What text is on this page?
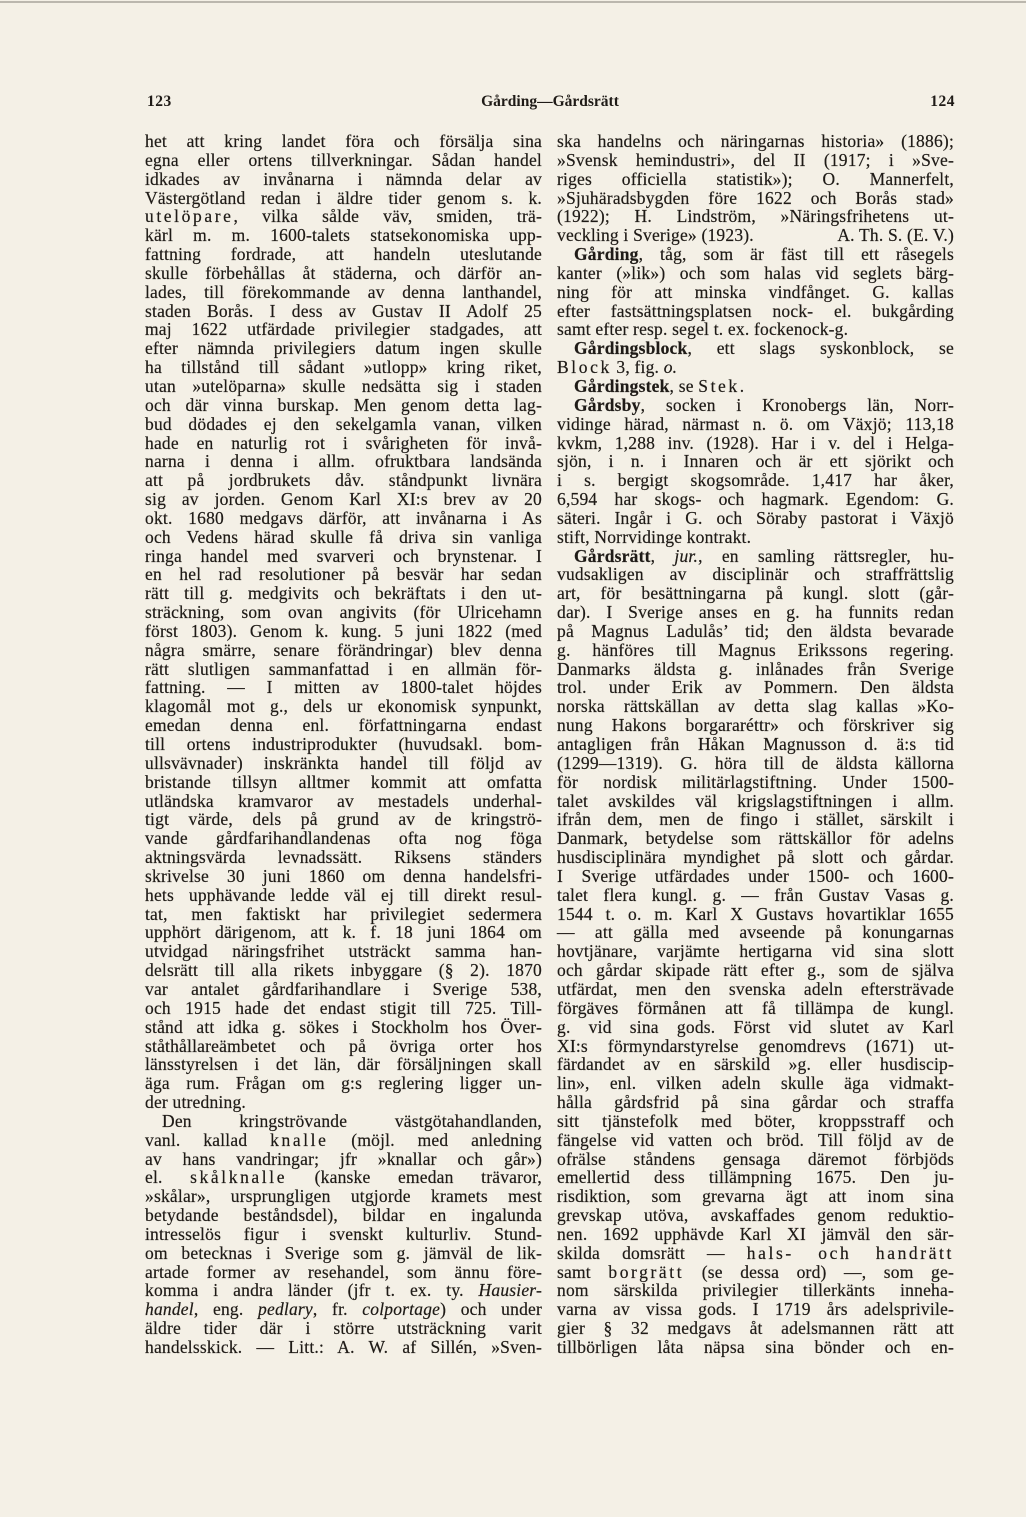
123	Gårding—Gårdsrätt	124
het att kring landet föra och försälja sina
egna eller ortens tillverkningar. Sådan handel
idkades av invånarna i nämnda delar av
Västergötland redan i äldre tider genom s. k.
utelöpare, vilka sålde väv, smiden, trä-
kärl m. m. 1600-talets statsekonomiska upp-
fattning fordrade, att handeln uteslutande
skulle förbehållas åt städerna, och därför an-
lades, till förekommande av denna lanthandel,
staden Borås. I dess av Gustav II Adolf 25
maj 1622 utfärdade privilegier stadgades, att
efter nämnda privilegiers datum ingen skulle
ha tillstånd till sådant »utlopp» kring riket,
utan »utelöparna» skulle nedsätta sig i staden
och där vinna burskap. Men genom detta lag-
bud dödades ej den sekelgamla vanan, vilken
hade en naturlig rot i svårigheten för invå-
narna i denna i allm. ofruktbara landsända
att på jordbrukets dåv. ståndpunkt livnära
sig av jorden. Genom Karl XI:s brev av 20
okt. 1680 medgavs därför, att invånarna i As
och Vedens härad skulle få driva sin vanliga
ringa handel med svarveri och brynstenar. I
en hel rad resolutioner på besvär har sedan
rätt till g. medgivits och bekräftats i den ut-
sträckning, som ovan angivits (för Ulricehamn
först 1803). Genom k. kung. 5 juni 1822 (med
några smärre, senare förändringar) blev denna
rätt slutligen sammanfattad i en allmän för-
fattning. — I mitten av 1800-talet höjdes
klagomål mot g., dels ur ekonomisk synpunkt,
emedan denna enl. författningarna endast
till ortens industriprodukter (huvudsakl. bom-
ullsvävnader) inskränkta handel till följd av
bristande tillsyn alltmer kommit att omfatta
utländska kramvaror av mestadels underhal-
tigt värde, dels på grund av de kringströ-
vande gårdfarihandlandenas ofta nog föga
aktningsvärda levnadssätt. Riksens ständers
skrivelse 30 juni 1860 om denna handelsfri-
hets upphävande ledde väl ej till direkt resul-
tat, men faktiskt har privilegiet sedermera
upphört därigenom, att k. f. 18 juni 1864 om
utvidgad näringsfrihet utsträckt samma han-
delsrätt till alla rikets inbyggare (§ 2). 1870
var antalet gårdfarihandlare i Sverige 538,
och 1915 hade det endast stigit till 725. Till-
stånd att idka g. sökes i Stockholm hos Över-
ståthållareämbetet och på övriga orter hos
länsstyrelsen i det län, där försäljningen skall
äga rum. Frågan om g:s reglering ligger un-
der utredning.
Den kringströvande västgötahandlanden,
vanl. kallad knalle (möjl. med anledning
av hans vandringar; jfr »knallar och går»)
el. skålknalle (kanske emedan trävaror,
»skålar», ursprungligen utgjorde kramets mest
betydande beståndsdel), bildar en ingalunda
intresselös figur i svenskt kulturliv. Stund-
om betecknas i Sverige som g. jämväl de lik-
artade former av resehandel, som ännu före-
komma i andra länder (jfr t. ex. ty. Hausier-
handel, eng. pedlary, fr. colportage) och under
äldre tider där i större utsträckning varit
handelsskick. — Litt.: A. W. af Sillén, »Sven-
ska handelns och näringarnas historia» (1886);
»Svensk hemindustri», del II (1917; i »Sve-
riges officiella statistik»); O. Mannerfelt,
»Sjuhäradsbygden före 1622 och Borås stad»
(1922); H. Lindström, »Näringsfrihetens ut-
veckling i Sverige» (1923).	A. Th. S. (E. V.)
Gårding, tåg, som är fäst till ett råsegels
kanter (»lik») och som halas vid seglets bärg-
ning för att minska vindfånget. G. kallas
efter fastsättningsplatsen nock- el. bukgårding
samt efter resp. segel t. ex. fockenock-g.
Gårdingsblock, ett slags syskonblock, se
Block 3, fig. o.
Gårdingstek, se Stek.
Gårdsby, socken i Kronobergs län, Norr-
vidinge härad, närmast n. ö. om Växjö; 113,18
kvkm, 1,288 inv. (1928). Har i v. del i Helga-
sjön, i n. i Innaren och är ett sjörikt och
i s. bergigt skogsområde. 1,417 har åker,
6,594 har skogs- och hagmark. Egendom: G.
säteri. Ingår i G. och Söraby pastorat i Växjö
stift, Norrvidinge kontrakt.
Gårdsrätt, jur., en samling rättsregler, hu-
vudsakligen av disciplinär och straffrättslig
art, för besättningarna på kungl. slott (går-
dar). I Sverige anses en g. ha funnits redan
på Magnus Ladulås’ tid; den äldsta bevarade
g. hänföres till Magnus Erikssons regering.
Danmarks äldsta g. inlånades från Sverige
trol. under Erik av Pommern. Den äldsta
norska rättskällan av detta slag kallas »Ko-
nung Hakons borgararéttr» och förskriver sig
antagligen från Håkan Magnusson d. ä:s tid
(1299—1319). G. höra till de äldsta källorna
för nordisk militärlagstiftning. Under 1500-
talet avskildes väl krigslagstiftningen i allm.
ifrån dem, men de fingo i stället, särskilt i
Danmark, betydelse som rättskällor för adelns
husdisciplinära myndighet på slott och gårdar.
I Sverige utfärdades under 1500- och 1600-
talet flera kungl. g. — från Gustav Vasas g.
1544 t. o. m. Karl X Gustavs hovartiklar 1655
— att gälla med avseende på konungarnas
hovtjänare, varjämte hertigarna vid sina slott
och gårdar skipade rätt efter g., som de själva
utfärdat, men den svenska adeln eftersträvade
förgäves förmånen att få tillämpa de kungl.
g. vid sina gods. Först vid slutet av Karl
XI:s förmyndarstyrelse genomdrevs (1671) ut-
färdandet av en särskild »g. eller husdiscip-
lin», enl. vilken adeln skulle äga vidmakt-
hålla gårdsfrid på sina gårdar och straffa
sitt tjänstefolk med böter, kroppsstraff och
fängelse vid vatten och bröd. Till följd av de
ofrälse ståndens gensaga däremot förbjöds
emellertid dess tillämpning 1675. Den ju-
risdiktion, som grevarna ägt att inom sina
grevskap utöva, avskaffades genom reduktio-
nen. 1692 upphävde Karl XI jämväl den sär-
skilda domsrätt — hals- och handrätt
samt borgrätt (se dessa ord) —, som ge-
nom särskilda privilegier tillerkänts inneha-
varna av vissa gods. I 1719 års adelsprivile-
gier § 32 medgavs åt adelsmannen rätt att
tillbörligen låta näpsa sina bönder och en-
